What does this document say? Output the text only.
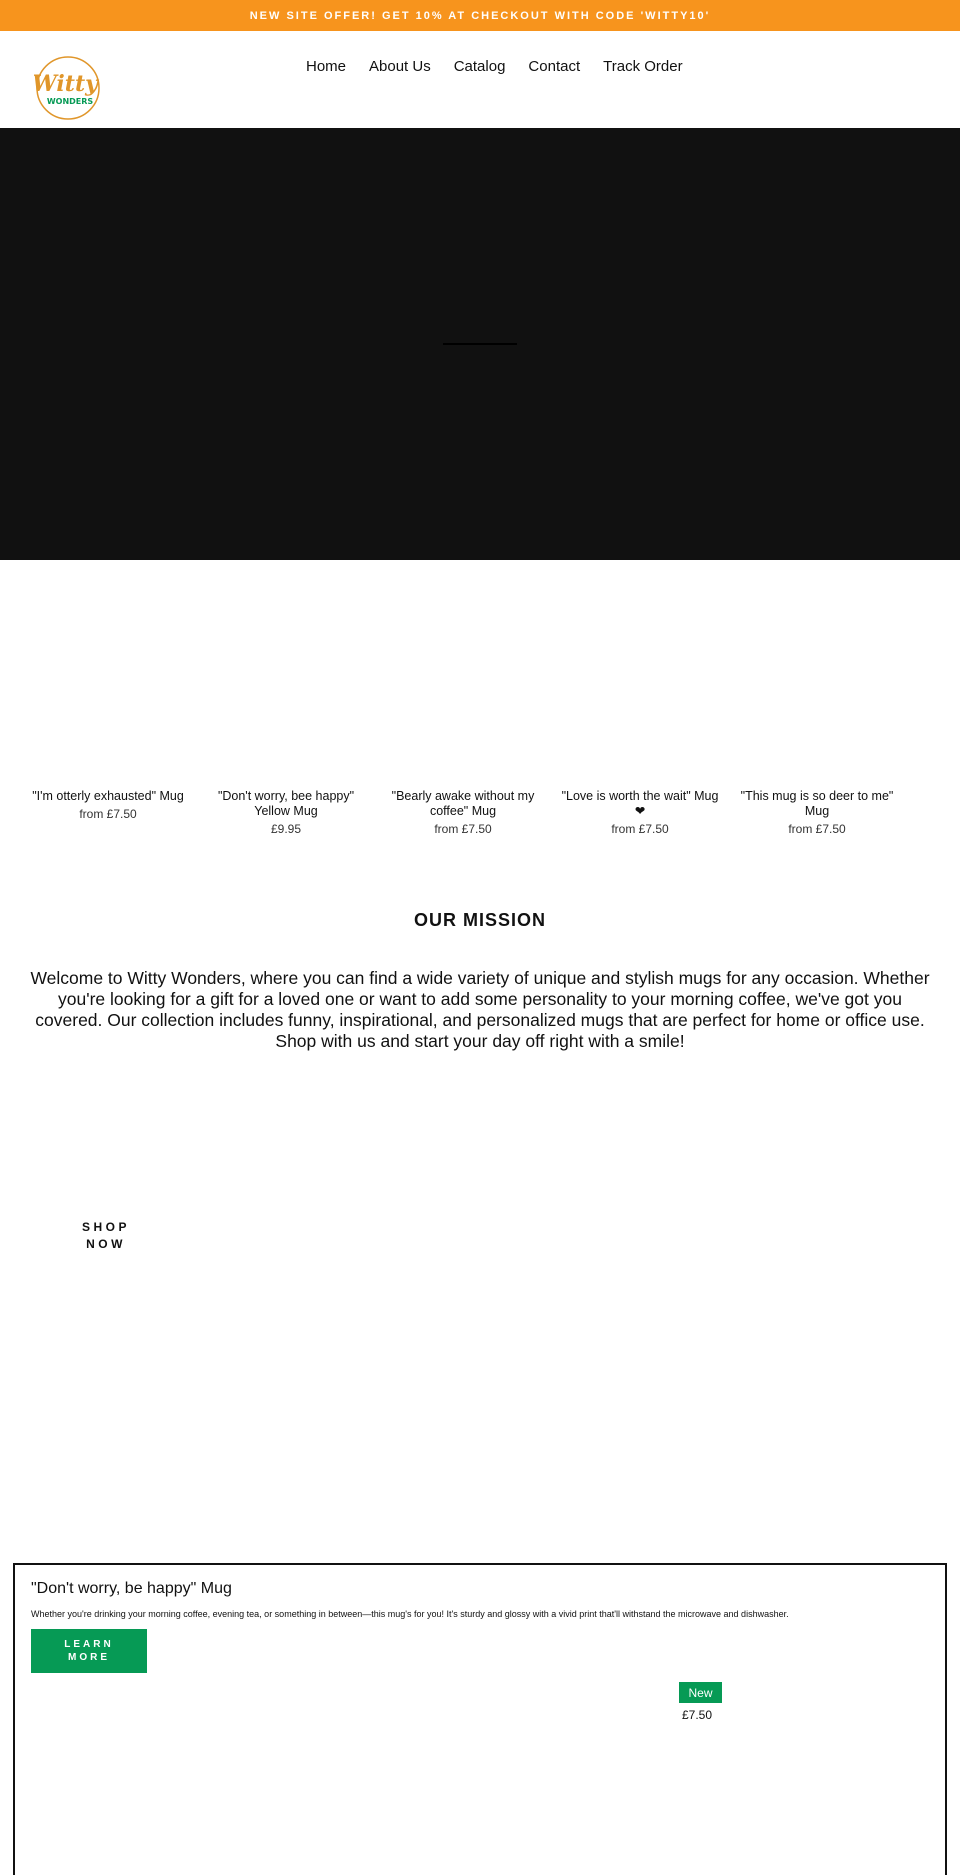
NEW SITE OFFER! GET 10% AT CHECKOUT WITH CODE 'WITTY10'
Witty
WONDERS
Home About Us Catalog Contact Track Order
"I'm otterly exhausted" Mug
from £7.50
"Don't worry, bee happy" Yellow Mug
£9.95
"Bearly awake without my coffee" Mug
from £7.50
"Love is worth the wait" Mug ❤
from £7.50
"This mug is so deer to me" Mug
from £7.50
OUR MISSION

Welcome to Witty Wonders, where you can find a wide variety of unique and stylish mugs for any occasion. Whether you're looking for a gift for a loved one or want to add some personality to your morning coffee, we've got you covered. Our collection includes funny, inspirational, and personalized mugs that are perfect for home or office use. Shop with us and start your day off right with a smile!

SHOP NOW
"Don't worry, be happy" Mug
Whether you're drinking your morning coffee, evening tea, or something in between—this mug's for you! It's sturdy and glossy with a vivid print that'll withstand the microwave and dishwasher.
LEARN MORE
New
£7.50
